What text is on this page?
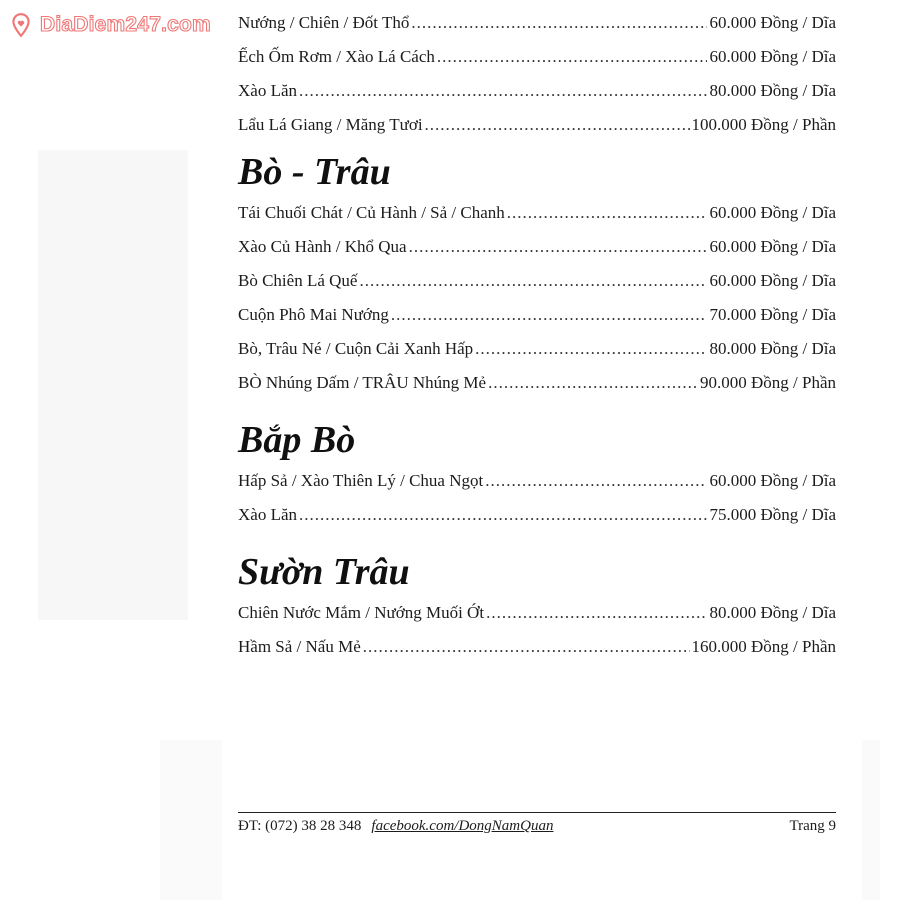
DiaDiem247.com Nướng / Chiên / Đốt Thổ .....	60.000 Đồng / Dĩa
Ếch Ốm Rơm / Xào Lá Cách .....	60.000 Đồng / Dĩa
Xào Lăn .....	80.000 Đồng / Dĩa
Lẩu Lá Giang / Măng Tươi .....	100.000 Đồng / Phần
Bò - Trâu
Tái Chuối Chát / Củ Hành / Sả / Chanh .....	60.000 Đồng / Dĩa
Xào Củ Hành / Khổ Qua .....	60.000 Đồng / Dĩa
Bò Chiên Lá Quế .....	60.000 Đồng / Dĩa
Cuộn Phô Mai Nướng .....	70.000 Đồng / Dĩa
Bò, Trâu Né / Cuộn Cải Xanh Hấp .....	80.000 Đồng / Dĩa
BÒ Nhúng Dấm / TRÂU Nhúng Mẻ .....	90.000 Đồng / Phần
Bắp Bò
Hấp Sả / Xào Thiên Lý / Chua Ngọt .....	60.000 Đồng / Dĩa
Xào Lăn .....	75.000 Đồng / Dĩa
Sườn Trâu
Chiên Nước Mắm / Nướng Muối Ớt .....	80.000 Đồng / Dĩa
Hầm Sả / Nấu Mẻ .....	160.000 Đồng / Phần
ĐT: (072) 38 28 348 facebook.com/DongNamQuan	Trang 9
